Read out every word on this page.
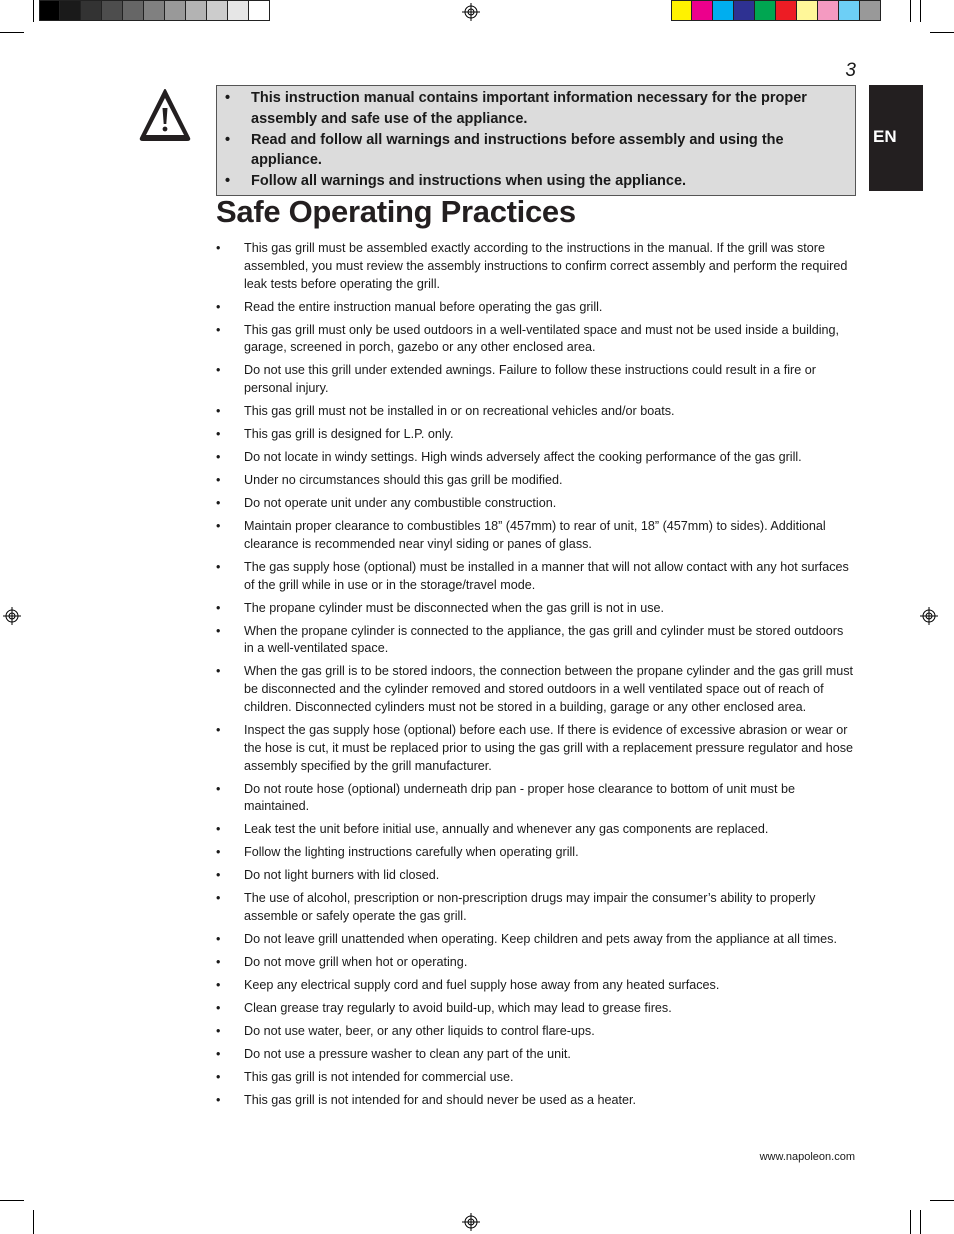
3
EN
• This instruction manual contains important information necessary for the proper assembly and safe use of the appliance.
• Read and follow all warnings and instructions before assembly and using the appliance.
• Follow all warnings and instructions when using the appliance.
Safe Operating Practices
• This gas grill must be assembled exactly according to the instructions in the manual. If the grill was store assembled, you must review the assembly instructions to confirm correct assembly and perform the required leak tests before operating the grill.
• Read the entire instruction manual before operating the gas grill.
• This gas grill must only be used outdoors in a well-ventilated space and must not be used inside a building, garage, screened in porch, gazebo or any other enclosed area.
• Do not use this grill under extended awnings. Failure to follow these instructions could result in a fire or personal injury.
• This gas grill must not be installed in or on recreational vehicles and/or boats.
• This gas grill is designed for L.P. only.
• Do not locate in windy settings. High winds adversely affect the cooking performance of the gas grill.
• Under no circumstances should this gas grill be modified.
• Do not operate unit under any combustible construction.
• Maintain proper clearance to combustibles 18” (457mm) to rear of unit, 18” (457mm) to sides). Additional clearance is recommended near vinyl siding or panes of glass.
• The gas supply hose (optional) must be installed in a manner that will not allow contact with any hot surfaces of the grill while in use or in the storage/travel mode.
• The propane cylinder must be disconnected when the gas grill is not in use.
• When the propane cylinder is connected to the appliance, the gas grill and cylinder must be stored outdoors in a well-ventilated space.
• When the gas grill is to be stored indoors, the connection between the propane cylinder and the gas grill must be disconnected and the cylinder removed and stored outdoors in a well ventilated space out of reach of children. Disconnected cylinders must not be stored in a building, garage or any other enclosed area.
• Inspect the gas supply hose (optional) before each use. If there is evidence of excessive abrasion or wear or the hose is cut, it must be replaced prior to using the gas grill with a replacement pressure regulator and hose assembly specified by the grill manufacturer.
• Do not route hose (optional) underneath drip pan - proper hose clearance to bottom of unit must be maintained.
• Leak test the unit before initial use, annually and whenever any gas components are replaced.
• Follow the lighting instructions carefully when operating grill.
• Do not light burners with lid closed.
• The use of alcohol, prescription or non-prescription drugs may impair the consumer’s ability to properly assemble or safely operate the gas grill.
• Do not leave grill unattended when operating. Keep children and pets away from the appliance at all times.
• Do not move grill when hot or operating.
• Keep any electrical supply cord and fuel supply hose away from any heated surfaces.
• Clean grease tray regularly to avoid build-up, which may lead to grease fires.
• Do not use water, beer, or any other liquids to control flare-ups.
• Do not use a pressure washer to clean any part of the unit.
• This gas grill is not intended for commercial use.
• This gas grill is not intended for and should never be used as a heater.
www.napoleon.com
